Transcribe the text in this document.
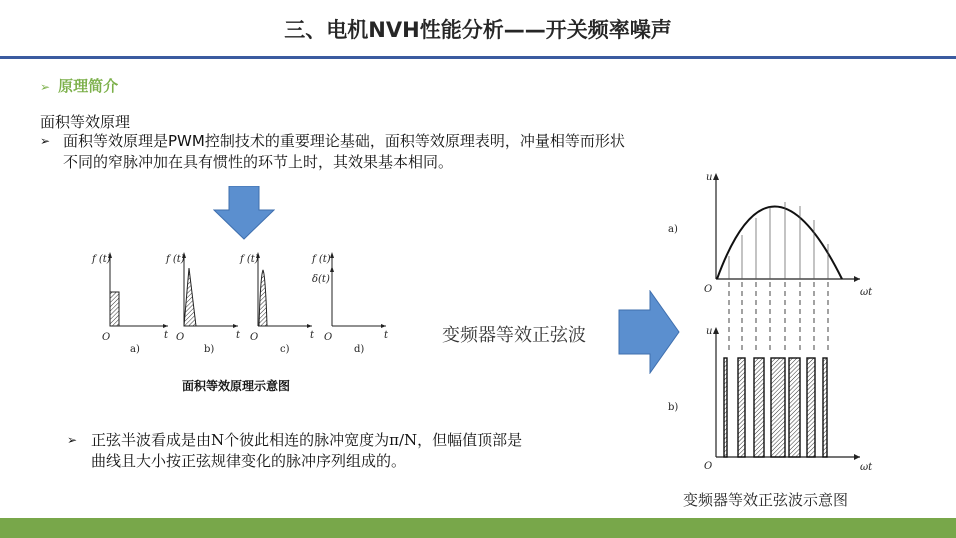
三、电机NVH性能分析——开关频率噪声
➢ 原理简介
面积等效原理
➢ 面积等效原理是PWM控制技术的重要理论基础，面积等效原理表明，冲量相等而形状
不同的窄脉冲加在具有惯性的环节上时，其效果基本相同。
f (t)
t
O
a)
f (t)
t
O
b)
f (t)
t
O
c)
f (t)
δ(t)
t
O
d)
面积等效原理示意图
➢ 正弦半波看成是由N个彼此相连的脉冲宽度为π/N，但幅值顶部是
曲线且大小按正弦规律变化的脉冲序列组成的。
变频器等效正弦波
u
ωt
O
a)
u
ωt
O
b)
变频器等效正弦波示意图
